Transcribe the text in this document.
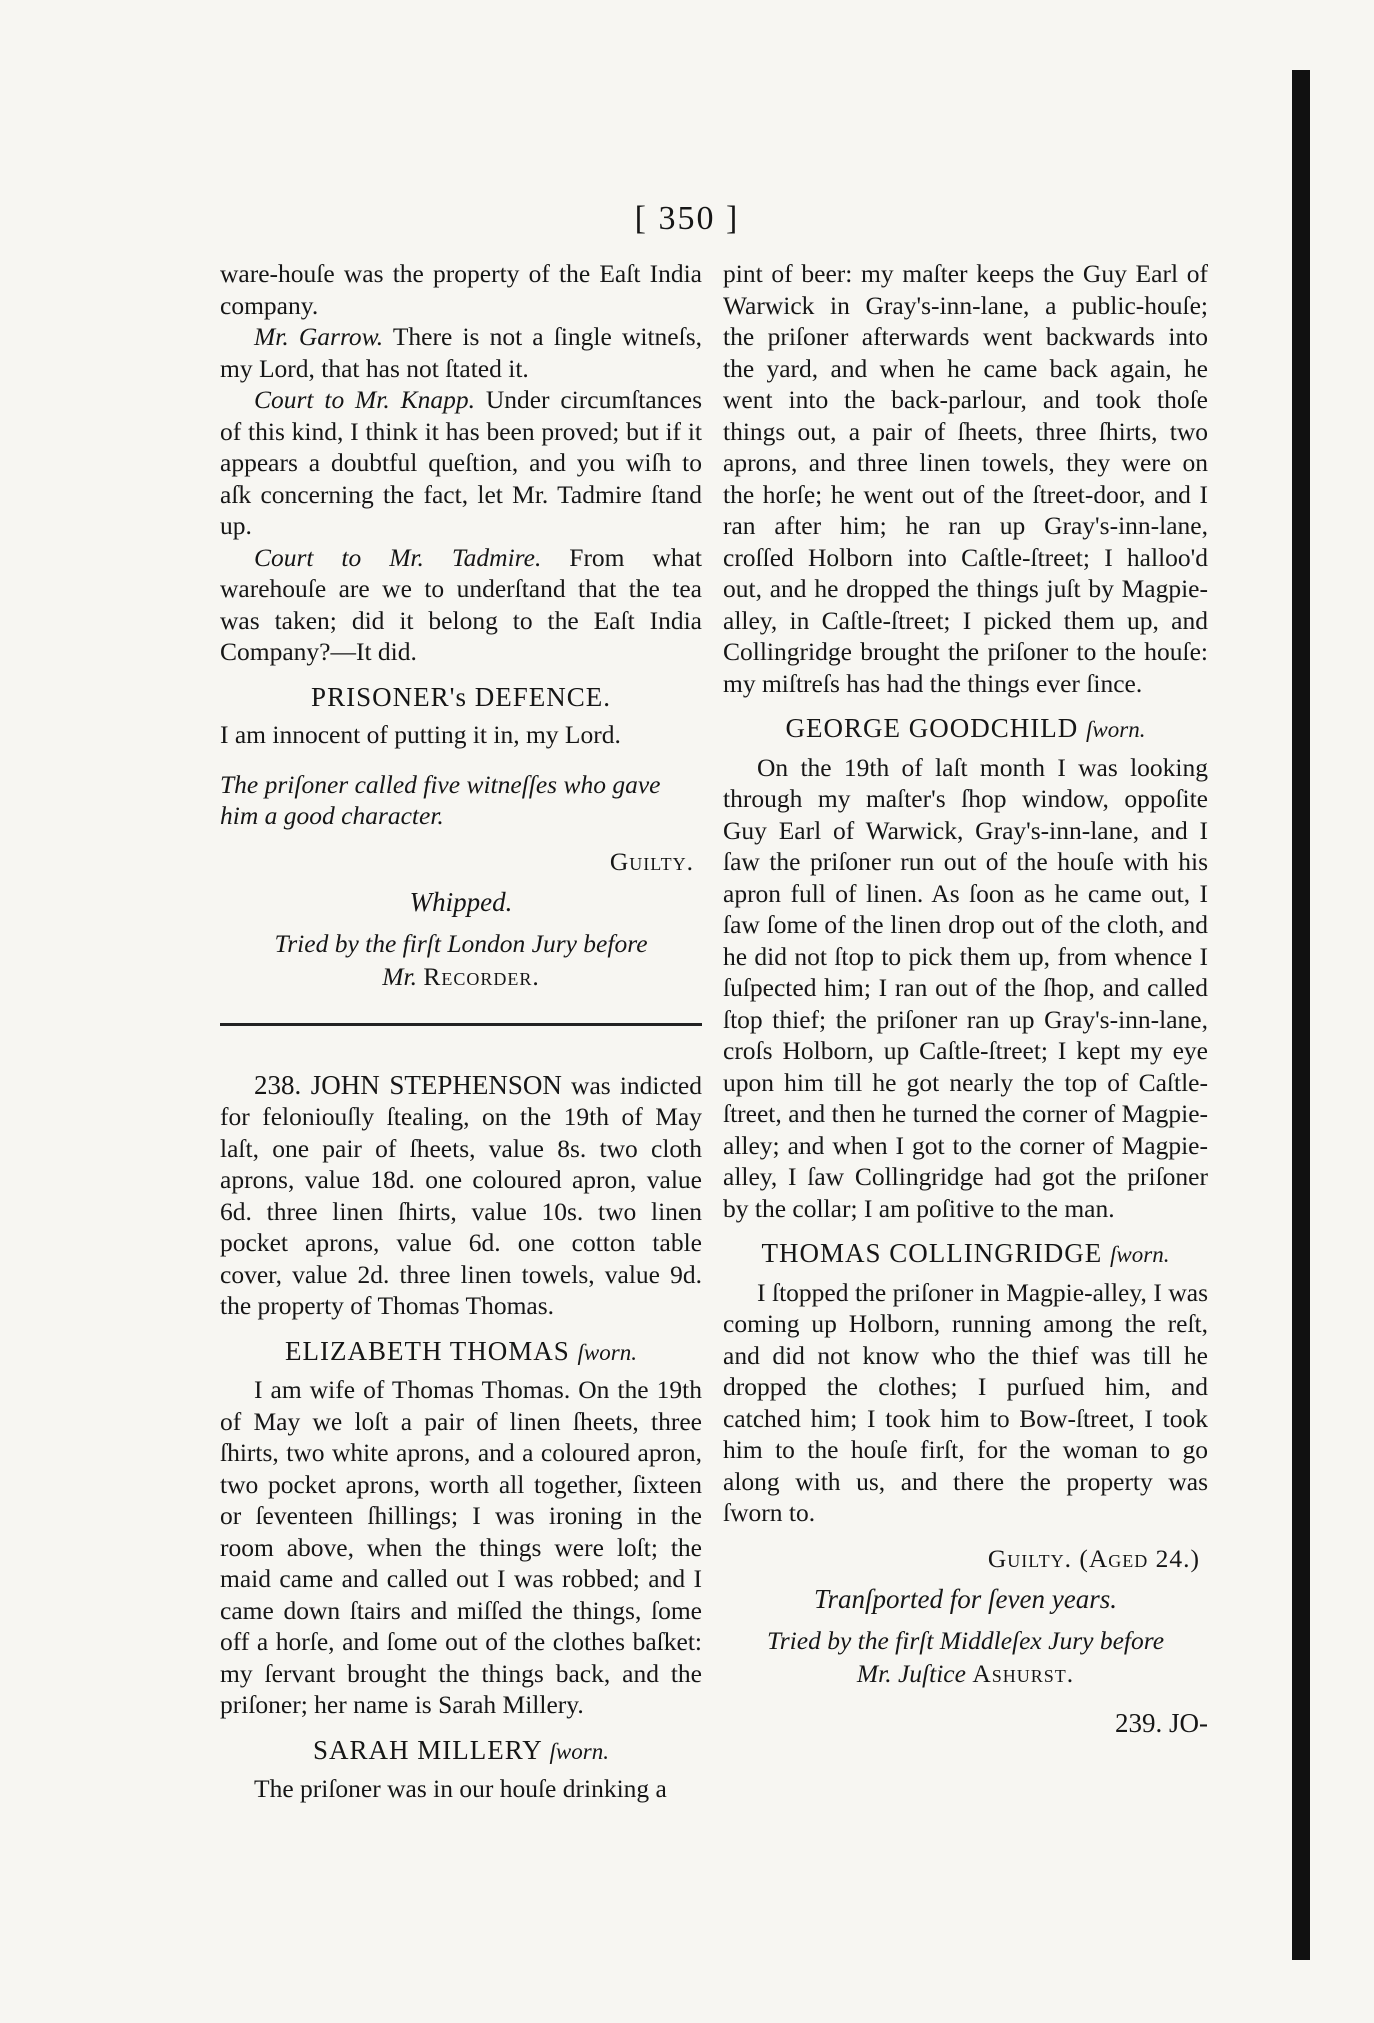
[ 350 ]

ware-houſe was the property of the Eaſt India company.

Mr. Garrow. There is not a ſingle witneſs, my Lord, that has not ſtated it.

Court to Mr. Knapp. Under circumſtances of this kind, I think it has been proved; but if it appears a doubtful queſtion, and you wiſh to aſk concerning the fact, let Mr. Tadmire ſtand up.

Court to Mr. Tadmire. From what warehouſe are we to underſtand that the tea was taken; did it belong to the Eaſt India Company?—It did.

PRISONER's DEFENCE.

I am innocent of putting it in, my Lord.

The priſoner called five witneſſes who gave him a good character.

Guilty.
Whipped.
Tried by the firſt London Jury before
Mr. Recorder.

238. JOHN STEPHENSON was indicted for feloniouſly ſtealing, on the 19th of May laſt, one pair of ſheets, value 8s. two cloth aprons, value 18d. one coloured apron, value 6d. three linen ſhirts, value 10s. two linen pocket aprons, value 6d. one cotton table cover, value 2d. three linen towels, value 9d. the property of Thomas Thomas.

ELIZABETH THOMAS ſworn.

I am wife of Thomas Thomas. On the 19th of May we loſt a pair of linen ſheets, three ſhirts, two white aprons, and a coloured apron, two pocket aprons, worth all together, ſixteen or ſeventeen ſhillings; I was ironing in the room above, when the things were loſt; the maid came and called out I was robbed; and I came down ſtairs and miſſed the things, ſome off a horſe, and ſome out of the clothes baſket: my ſervant brought the things back, and the priſoner; her name is Sarah Millery.

SARAH MILLERY ſworn.

The priſoner was in our houſe drinking a

pint of beer: my maſter keeps the Guy Earl of Warwick in Gray's-inn-lane, a public-houſe; the priſoner afterwards went backwards into the yard, and when he came back again, he went into the back-parlour, and took thoſe things out, a pair of ſheets, three ſhirts, two aprons, and three linen towels, they were on the horſe; he went out of the ſtreet-door, and I ran after him; he ran up Gray's-inn-lane, croſſed Holborn into Caſtle-ſtreet; I halloo'd out, and he dropped the things juſt by Magpie-alley, in Caſtle-ſtreet; I picked them up, and Collingridge brought the priſoner to the houſe: my miſtreſs has had the things ever ſince.

GEORGE GOODCHILD ſworn.

On the 19th of laſt month I was looking through my maſter's ſhop window, oppoſite Guy Earl of Warwick, Gray's-inn-lane, and I ſaw the priſoner run out of the houſe with his apron full of linen. As ſoon as he came out, I ſaw ſome of the linen drop out of the cloth, and he did not ſtop to pick them up, from whence I ſuſpected him; I ran out of the ſhop, and called ſtop thief; the priſoner ran up Gray's-inn-lane, croſs Holborn, up Caſtle-ſtreet; I kept my eye upon him till he got nearly the top of Caſtle-ſtreet, and then he turned the corner of Magpie-alley; and when I got to the corner of Magpie-alley, I ſaw Collingridge had got the priſoner by the collar; I am poſitive to the man.

THOMAS COLLINGRIDGE ſworn.

I ſtopped the priſoner in Magpie-alley, I was coming up Holborn, running among the reſt, and did not know who the thief was till he dropped the clothes; I purſued him, and catched him; I took him to Bow-ſtreet, I took him to the houſe firſt, for the woman to go along with us, and there the property was ſworn to.

Guilty. (Aged 24.)
Tranſported for ſeven years.
Tried by the firſt Middleſex Jury before
Mr. Juſtice Ashurst.
239. JO-
